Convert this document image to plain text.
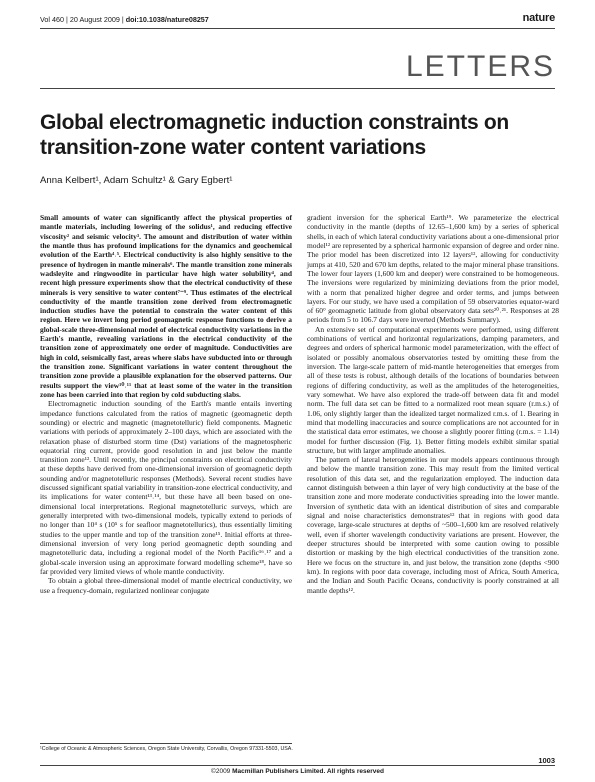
Vol 460 | 20 August 2009 | doi:10.1038/nature08257	nature
LETTERS
Global electromagnetic induction constraints on transition-zone water content variations
Anna Kelbert¹, Adam Schultz¹ & Gary Egbert¹

Small amounts of water can significantly affect the physical properties of mantle materials, including lowering of the solidus¹, and reducing effective viscosity² and seismic velocity³. The amount and distribution of water within the mantle thus has profound implications for the dynamics and geochemical evolution of the Earth⁴˒⁵. Electrical conductivity is also highly sensitive to the presence of hydrogen in mantle minerals⁶. The mantle transition zone minerals wadsleyite and ringwoodite in particular have high water solubility⁴, and recent high pressure experiments show that the electrical conductivity of these minerals is very sensitive to water content⁷⁻⁹. Thus estimates of the electrical conductivity of the mantle transition zone derived from electromagnetic induction studies have the potential to constrain the water content of this region. Here we invert long period geomagnetic response functions to derive a global-scale three-dimensional model of electrical conductivity variations in the Earth's mantle, revealing variations in the electrical conductivity of the transition zone of approximately one order of magnitude. Conductivities are high in cold, seismically fast, areas where slabs have subducted into or through the transition zone. Significant variations in water content throughout the transition zone provide a plausible explanation for the observed patterns. Our results support the view¹⁰˒¹¹ that at least some of the water in the transition zone has been carried into that region by cold subducting slabs.

Electromagnetic induction sounding of the Earth's mantle entails inverting impedance functions calculated from the ratios of magnetic (geomagnetic depth sounding) or electric and magnetic (magnetotelluric) field components. Magnetic variations with periods of approximately 2–100 days, which are associated with the relaxation phase of disturbed storm time (Dst) variations of the magnetospheric equatorial ring current, provide good resolution in and just below the mantle transition zone¹². Until recently, the principal constraints on electrical conductivity at these depths have derived from one-dimensional inversion of geomagnetic depth sounding and/or magnetotelluric responses (Methods). Several recent studies have discussed significant spatial variability in transition-zone electrical conductivity, and its implications for water content¹³˒¹⁴, but these have all been based on one-dimensional local interpretations. Regional magnetotelluric surveys, which are generally interpreted with two-dimensional models, typically extend to periods of no longer than 10⁴ s (10⁵ s for seafloor magnetotellurics), thus essentially limiting studies to the upper mantle and top of the transition zone¹⁵. Initial efforts at three-dimensional inversion of very long period geomagnetic depth sounding and magnetotelluric data, including a regional model of the North Pacific¹⁶˒¹⁷ and a global-scale inversion using an approximate forward modelling scheme¹⁸, have so far provided very limited views of whole mantle conductivity.

To obtain a global three-dimensional model of mantle electrical conductivity, we use a frequency-domain, regularized nonlinear conjugate

gradient inversion for the spherical Earth¹⁹. We parameterize the electrical conductivity in the mantle (depths of 12.65–1,600 km) by a series of spherical shells, in each of which lateral conductivity variations about a one-dimensional prior model¹² are represented by a spherical harmonic expansion of degree and order nine. The prior model has been discretized into 12 layers¹², allowing for conductivity jumps at 410, 520 and 670 km depths, related to the major mineral phase transitions. The lower four layers (1,600 km and deeper) were constrained to be homogeneous. The inversions were regularized by minimizing deviations from the prior model, with a norm that penalized higher degree and order terms, and jumps between layers. For our study, we have used a compilation of 59 observatories equator-ward of 60° geomagnetic latitude from global observatory data sets²⁰˒²¹. Responses at 28 periods from 5 to 106.7 days were inverted (Methods Summary).

An extensive set of computational experiments were performed, using different combinations of vertical and horizontal regularizations, damping parameters, and degrees and orders of spherical harmonic model parameterization, with the effect of isolated or possibly anomalous observatories tested by omitting these from the inversion. The large-scale pattern of mid-mantle heterogeneities that emerges from all of these tests is robust, although details of the locations of boundaries between regions of differing conductivity, as well as the amplitudes of the heterogeneities, vary somewhat. We have also explored the trade-off between data fit and model norm. The full data set can be fitted to a normalized root mean square (r.m.s.) of 1.06, only slightly larger than the idealized target normalized r.m.s. of 1. Bearing in mind that modelling inaccuracies and source complications are not accounted for in the statistical data error estimates, we choose a slightly poorer fitting (r.m.s. = 1.14) model for further discussion (Fig. 1). Better fitting models exhibit similar spatial structure, but with larger amplitude anomalies.

The pattern of lateral heterogeneities in our models appears continuous through and below the mantle transition zone. This may result from the limited vertical resolution of this data set, and the regularization employed. The induction data cannot distinguish between a thin layer of very high conductivity at the base of the transition zone and more moderate conductivities spreading into the lower mantle. Inversion of synthetic data with an identical distribution of sites and comparable signal and noise characteristics demonstrates¹² that in regions with good data coverage, large-scale structures at depths of ~500–1,600 km are resolved relatively well, even if shorter wavelength conductivity variations are present. However, the deeper structures should be interpreted with some caution owing to possible distortion or masking by the high electrical conductivities of the transition zone. Here we focus on the structure in, and just below, the transition zone (depths <900 km). In regions with poor data coverage, including most of Africa, South America, and the Indian and South Pacific Oceans, conductivity is poorly constrained at all mantle depths¹².

¹College of Oceanic & Atmospheric Sciences, Oregon State University, Corvallis, Oregon 97331-5503, USA.
1003
©2009 Macmillan Publishers Limited. All rights reserved
